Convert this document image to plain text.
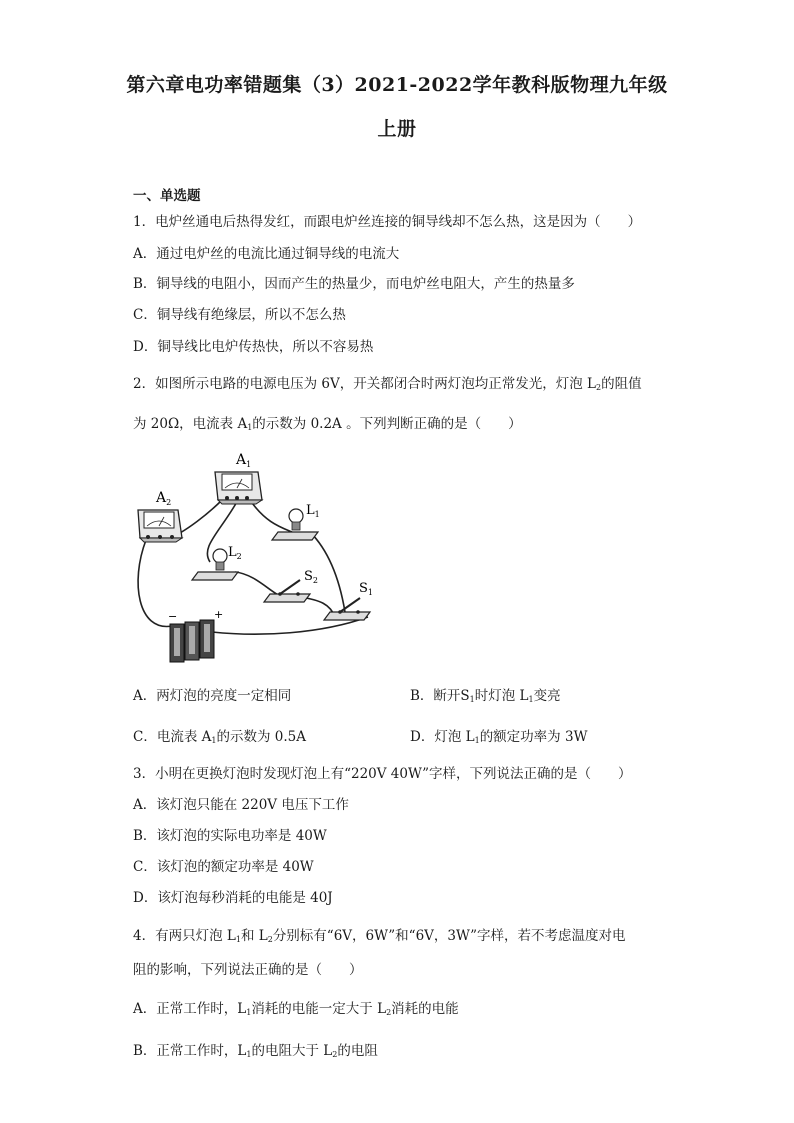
第六章电功率错题集（3）2021-2022学年教科版物理九年级
上册
一、单选题
1．电炉丝通电后热得发红，而跟电炉丝连接的铜导线却不怎么热，这是因为（　　）
A．通过电炉丝的电流比通过铜导线的电流大
B．铜导线的电阻小，因而产生的热量少，而电炉丝电阻大，产生的热量多
C．铜导线有绝缘层，所以不怎么热
D．铜导线比电炉传热快，所以不容易热
2．如图所示电路的电源电压为 6V，开关都闭合时两灯泡均正常发光，灯泡 $L_2$的阻值
为 20Ω，电流表 $A_1$的示数为 0.2A 。下列判断正确的是（　　）
$A_1$
$A_2$
$L_1$
$L_2$
$S_2$
$S_1$
−	+
A．两灯泡的亮度一定相同	B．断开$S_1$时灯泡 $L_1$变亮
C．电流表 $A_1$的示数为 0.5A	D．灯泡 $L_1$的额定功率为 3W
3．小明在更换灯泡时发现灯泡上有“220V 40W”字样，下列说法正确的是（　　）
A．该灯泡只能在 220V 电压下工作
B．该灯泡的实际电功率是 40W
C．该灯泡的额定功率是 40W
D．该灯泡每秒消耗的电能是 40J
4．有两只灯泡 $L_1$和 $L_2$分别标有“6V，6W”和“6V，3W”字样，若不考虑温度对电
阻的影响，下列说法正确的是（　　）
A．正常工作时，$L_1$消耗的电能一定大于 $L_2$消耗的电能
B．正常工作时，$L_1$的电阻大于 $L_2$的电阻
